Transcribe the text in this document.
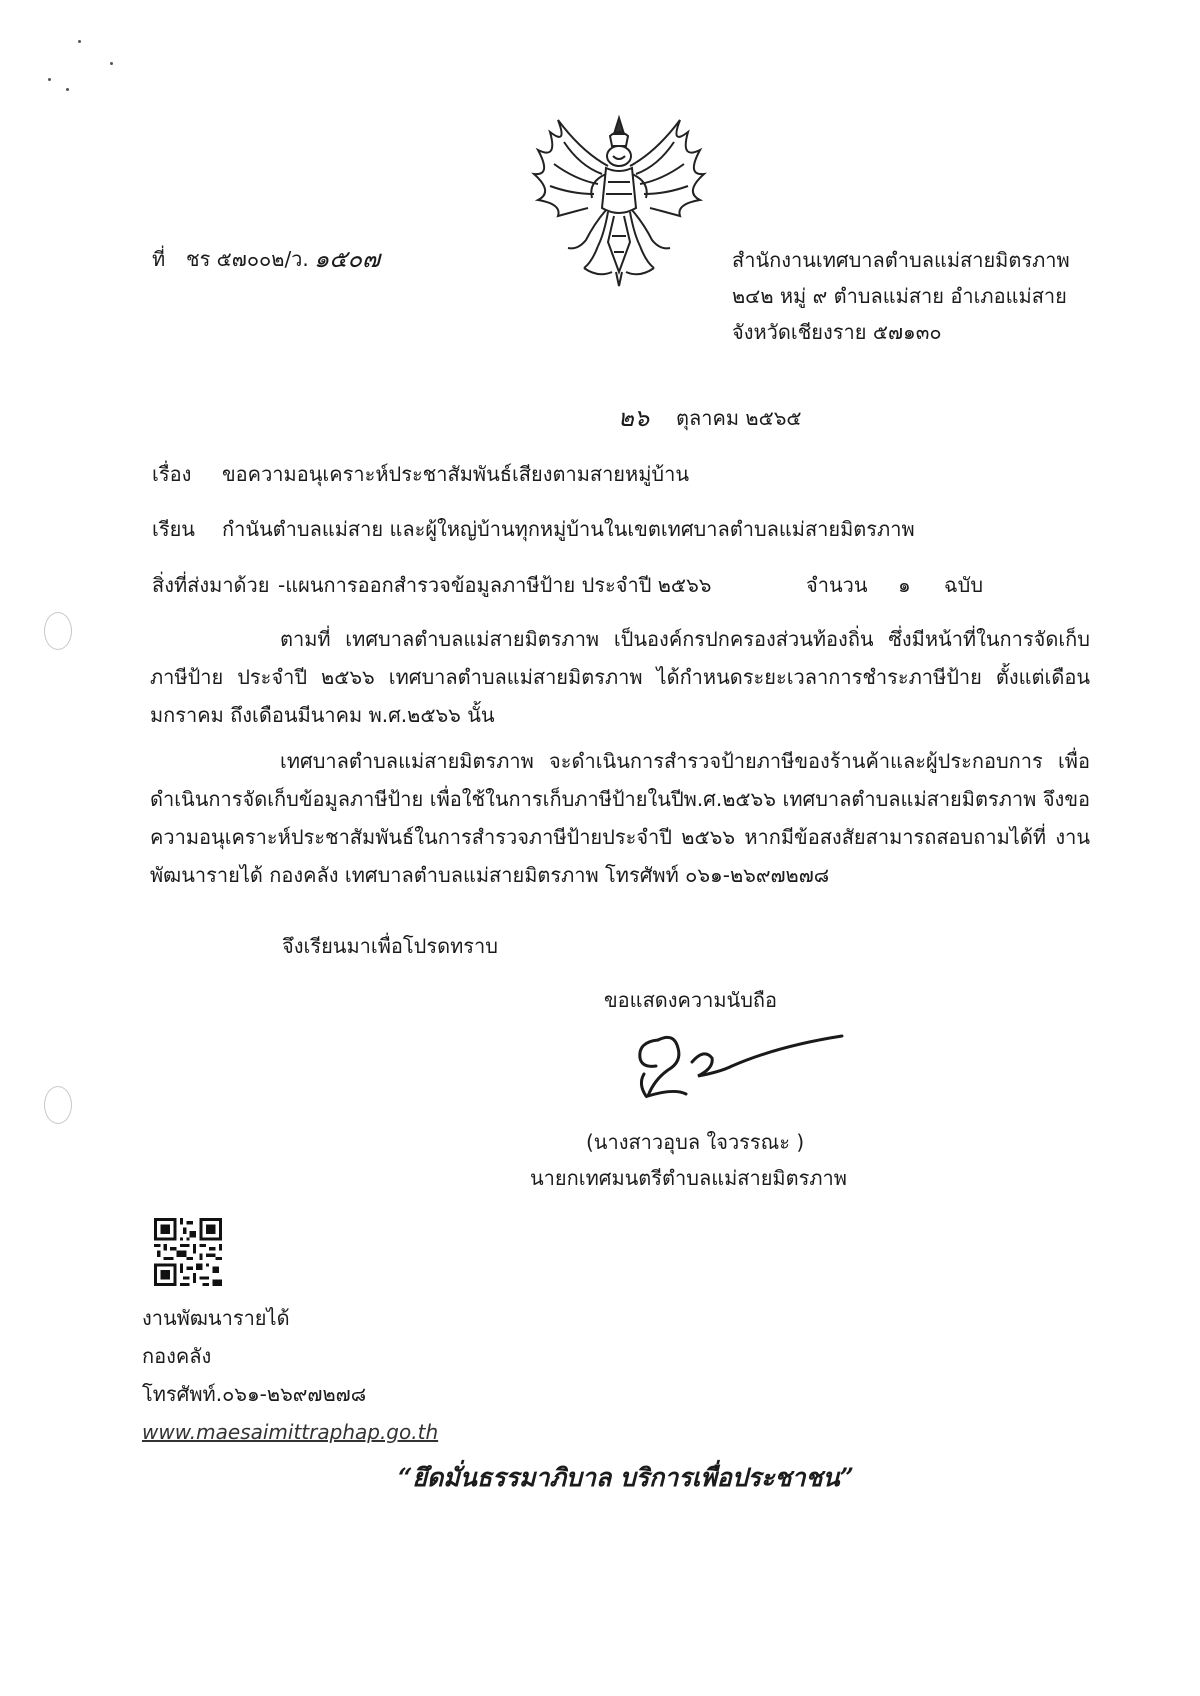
ที่ ชร ๕๗๐๐๒/ว. ๑๕๐๗	สำนักงานเทศบาลตำบลแม่สายมิตรภาพ
๒๔๒ หมู่ ๙ ตำบลแม่สาย อำเภอแม่สาย
จังหวัดเชียงราย ๕๗๑๓๐
๒๖ ตุลาคม ๒๕๖๕
เรื่อง ขอความอนุเคราะห์ประชาสัมพันธ์เสียงตามสายหมู่บ้าน
เรียน กำนันตำบลแม่สาย และผู้ใหญ่บ้านทุกหมู่บ้านในเขตเทศบาลตำบลแม่สายมิตรภาพ
สิ่งที่ส่งมาด้วย -แผนการออกสำรวจข้อมูลภาษีป้าย ประจำปี ๒๕๖๖	จำนวน ๑ ฉบับ
ตามที่ เทศบาลตำบลแม่สายมิตรภาพ เป็นองค์กรปกครองส่วนท้องถิ่น ซึ่งมีหน้าที่ในการจัดเก็บภาษีป้าย ประจำปี ๒๕๖๖ เทศบาลตำบลแม่สายมิตรภาพ ได้กำหนดระยะเวลาการชำระภาษีป้าย ตั้งแต่เดือนมกราคม ถึงเดือนมีนาคม พ.ศ.๒๕๖๖ นั้น
เทศบาลตำบลแม่สายมิตรภาพ จะดำเนินการสำรวจป้ายภาษีของร้านค้าและผู้ประกอบการ เพื่อดำเนินการจัดเก็บข้อมูลภาษีป้าย เพื่อใช้ในการเก็บภาษีป้ายในปีพ.ศ.๒๕๖๖ เทศบาลตำบลแม่สายมิตรภาพ จึงขอความอนุเคราะห์ประชาสัมพันธ์ในการสำรวจภาษีป้ายประจำปี ๒๕๖๖ หากมีข้อสงสัยสามารถสอบถามได้ที่ งานพัฒนารายได้ กองคลัง เทศบาลตำบลแม่สายมิตรภาพ โทรศัพท์ ๐๖๑-๒๖๙๗๒๗๘
จึงเรียนมาเพื่อโปรดทราบ
ขอแสดงความนับถือ
(นางสาวอุบล ใจวรรณะ )
นายกเทศมนตรีตำบลแม่สายมิตรภาพ
งานพัฒนารายได้
กองคลัง
โทรศัพท์.๐๖๑-๒๖๙๗๒๗๘
www.maesaimittraphap.go.th
“ยึดมั่นธรรมาภิบาล บริการเพื่อประชาชน”
